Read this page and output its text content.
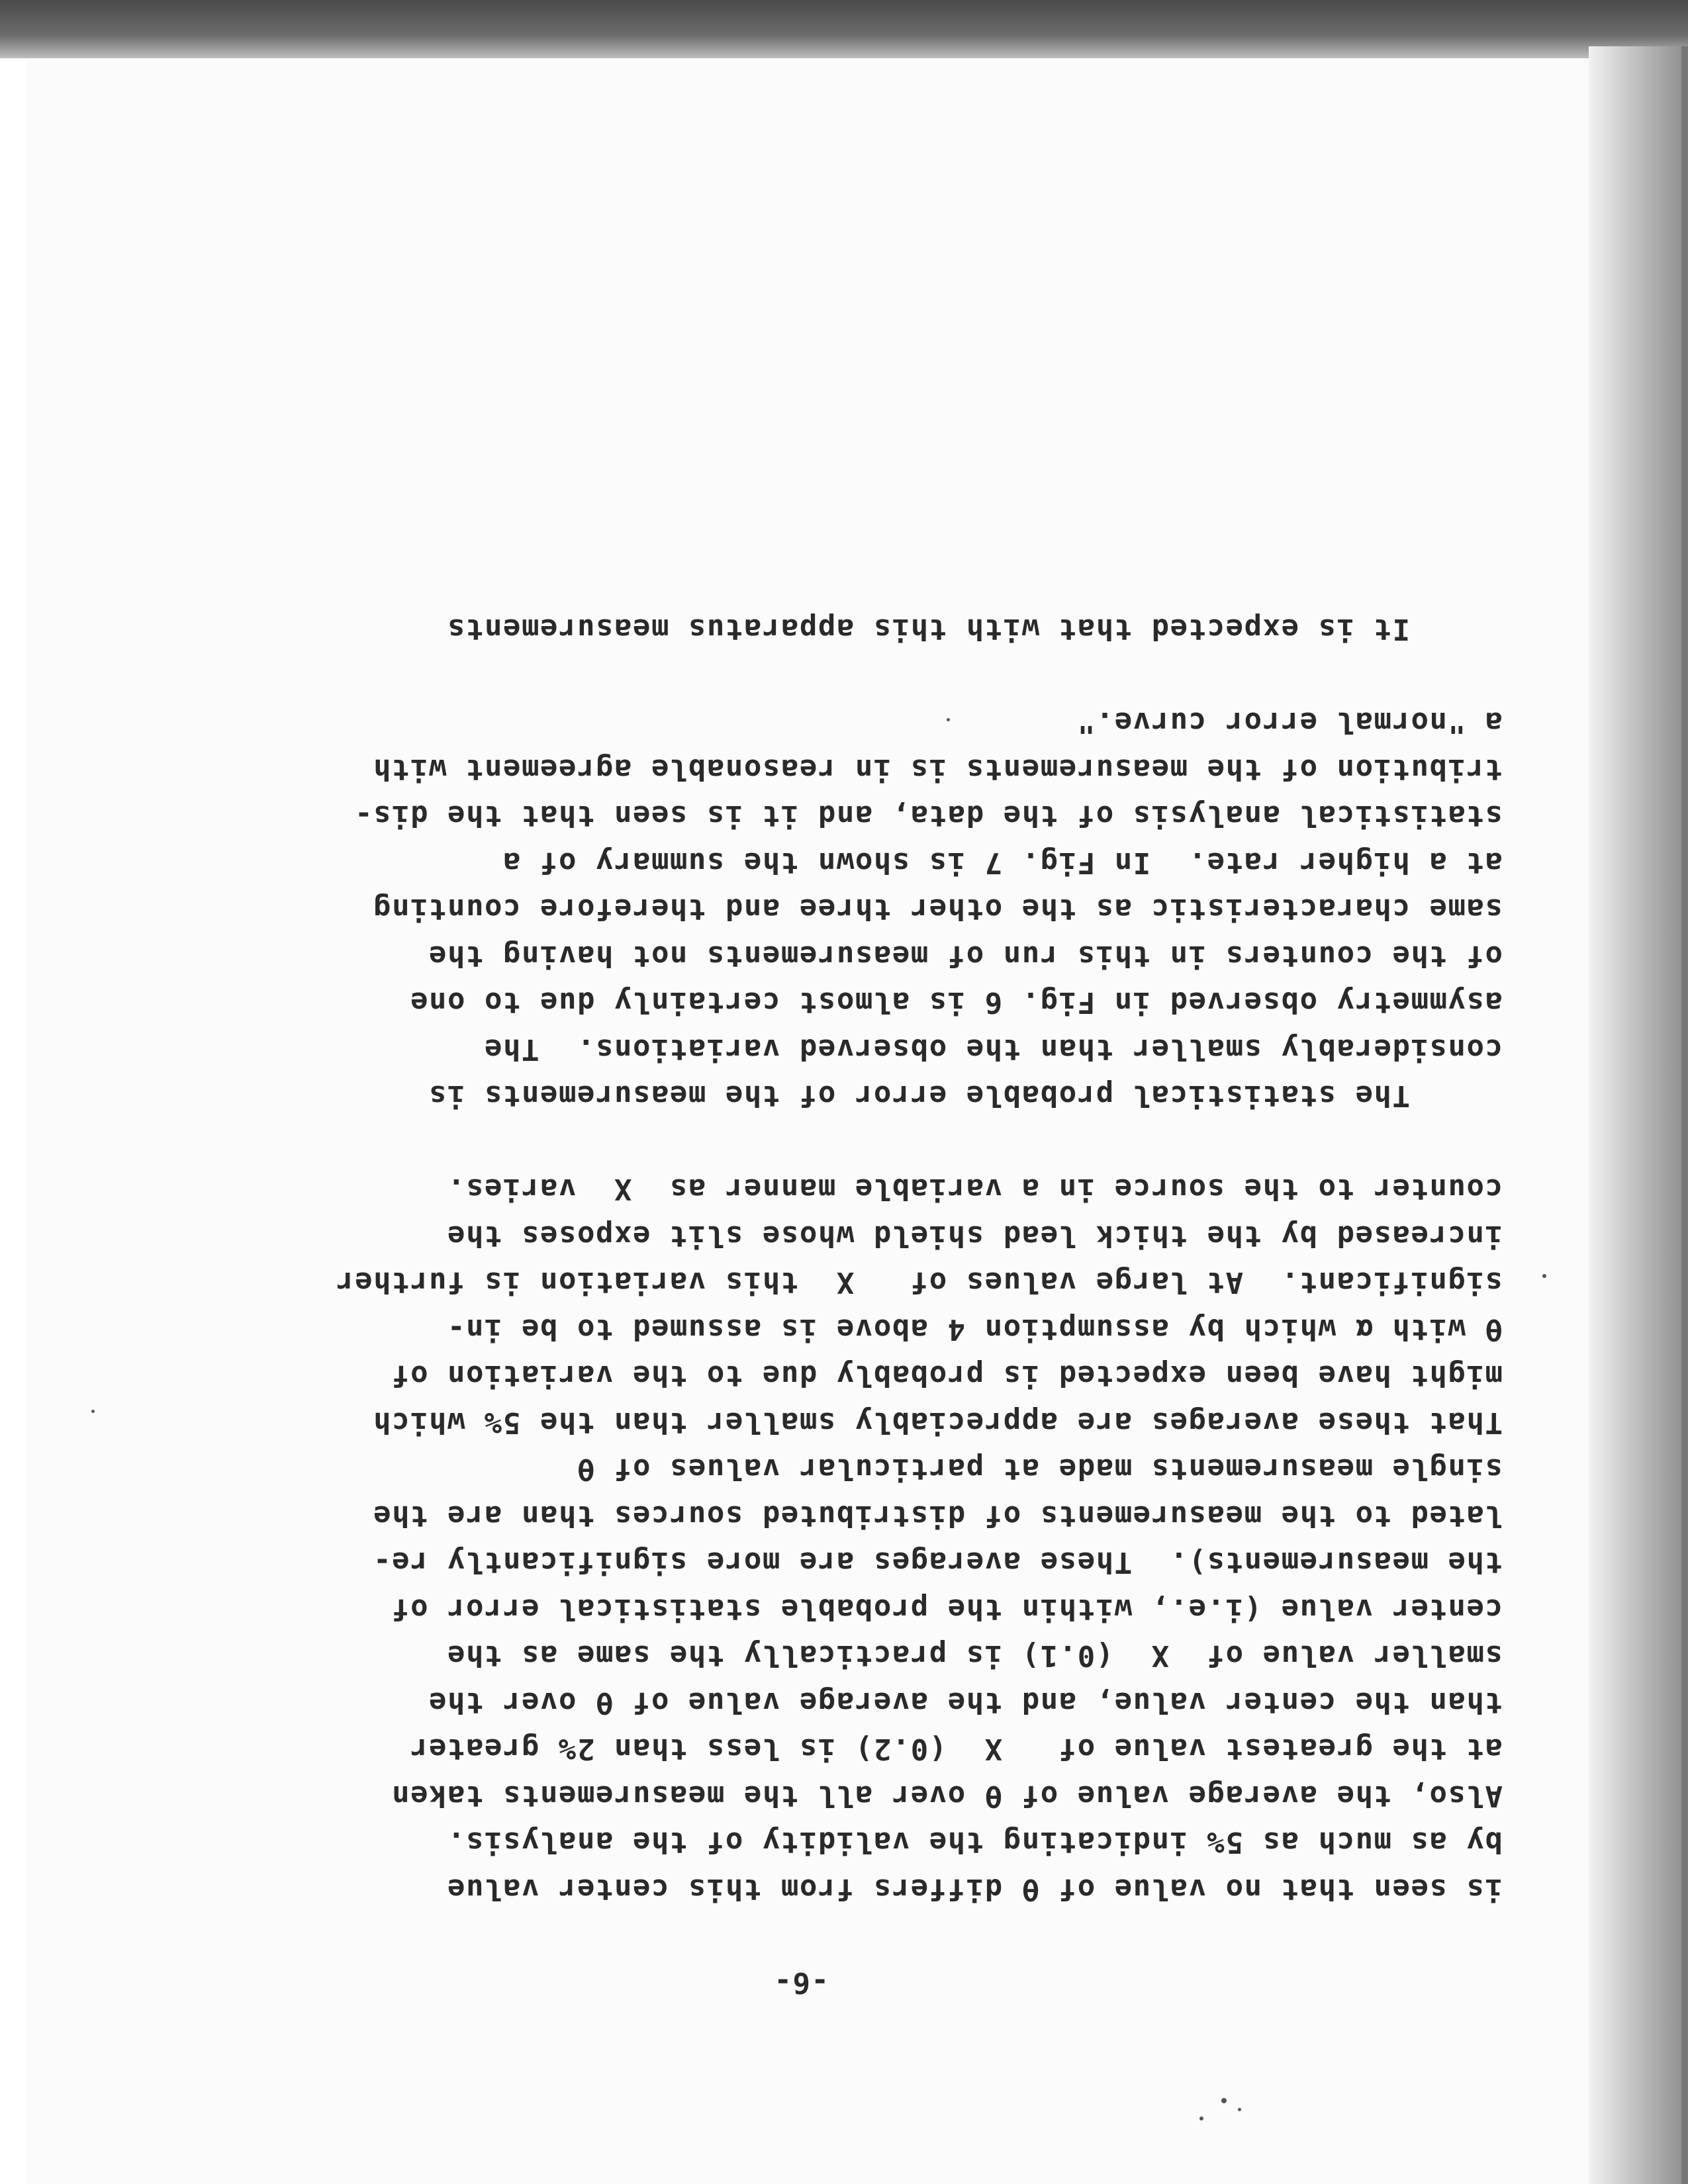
-6-
is seen that no value of θ differs from this center value
by as much as 5% indicating the validity of the analysis.
Also, the average value of θ over all the measurements taken
at the greatest value of   X  (0.2) is less than 2% greater
than the center value, and the average value of θ over the
smaller value of  X  (0.1) is practically the same as the
center value (i.e., within the probable statistical error of
the measurements).  These averages are more significantly re-
lated to the measurements of distributed sources than are the
single measurements made at particular values of θ
That these averages are appreciably smaller than the 5% which
might have been expected is probably due to the variation of
θ with α which by assumption 4 above is assumed to be in-
significant.  At large values of   X  this variation is further
increased by the thick lead shield whose slit exposes the
counter to the source in a variable manner as  X  varies.
The statistical probable error of the measurements is
considerably smaller than the observed variations.  The
asymmetry observed in Fig. 6 is almost certainly due to one
of the counters in this run of measurements not having the
same characteristic as the other three and therefore counting
at a higher rate.  In Fig. 7 is shown the summary of a
statistical analysis of the data, and it is seen that the dis-
tribution of the measurements is in reasonable agreement with
a "normal error curve."
It is expected that with this apparatus measurements
